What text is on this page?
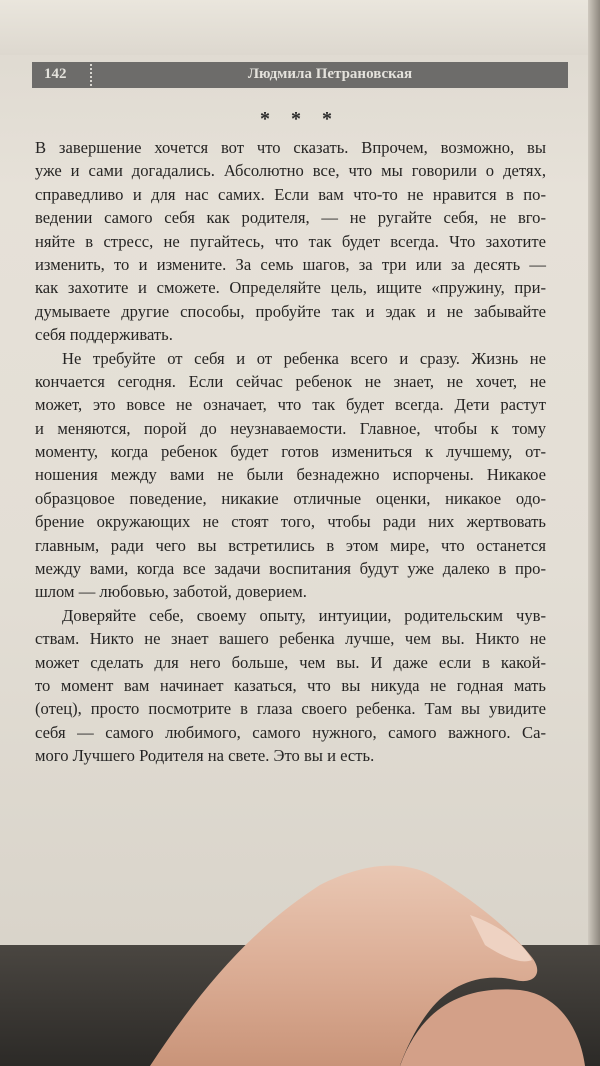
142	Людмила Петрановская
* * *
В завершение хочется вот что сказать. Впрочем, возможно, вы
уже и сами догадались. Абсолютно все, что мы говорили о детях,
справедливо и для нас самих. Если вам что-то не нравится в по-
ведении самого себя как родителя, — не ругайте себя, не вго-
няйте в стресс, не пугайтесь, что так будет всегда. Что захотите
изменить, то и измените. За семь шагов, за три или за десять —
как захотите и сможете. Определяйте цель, ищите «пружину, при-
думываете другие способы, пробуйте так и эдак и не забывайте
себя поддерживать.
Не требуйте от себя и от ребенка всего и сразу. Жизнь не
кончается сегодня. Если сейчас ребенок не знает, не хочет, не
может, это вовсе не означает, что так будет всегда. Дети растут
и меняются, порой до неузнаваемости. Главное, чтобы к тому
моменту, когда ребенок будет готов измениться к лучшему, от-
ношения между вами не были безнадежно испорчены. Никакое
образцовое поведение, никакие отличные оценки, никакое одо-
брение окружающих не стоят того, чтобы ради них жертвовать
главным, ради чего вы встретились в этом мире, что останется
между вами, когда все задачи воспитания будут уже далеко в про-
шлом — любовью, заботой, доверием.
Доверяйте себе, своему опыту, интуиции, родительским чув-
ствам. Никто не знает вашего ребенка лучше, чем вы. Никто не
может сделать для него больше, чем вы. И даже если в какой-
то момент вам начинает казаться, что вы никуда не годная мать
(отец), просто посмотрите в глаза своего ребенка. Там вы увидите
себя — самого любимого, самого нужного, самого важного. Са-
мого Лучшего Родителя на свете. Это вы и есть.
